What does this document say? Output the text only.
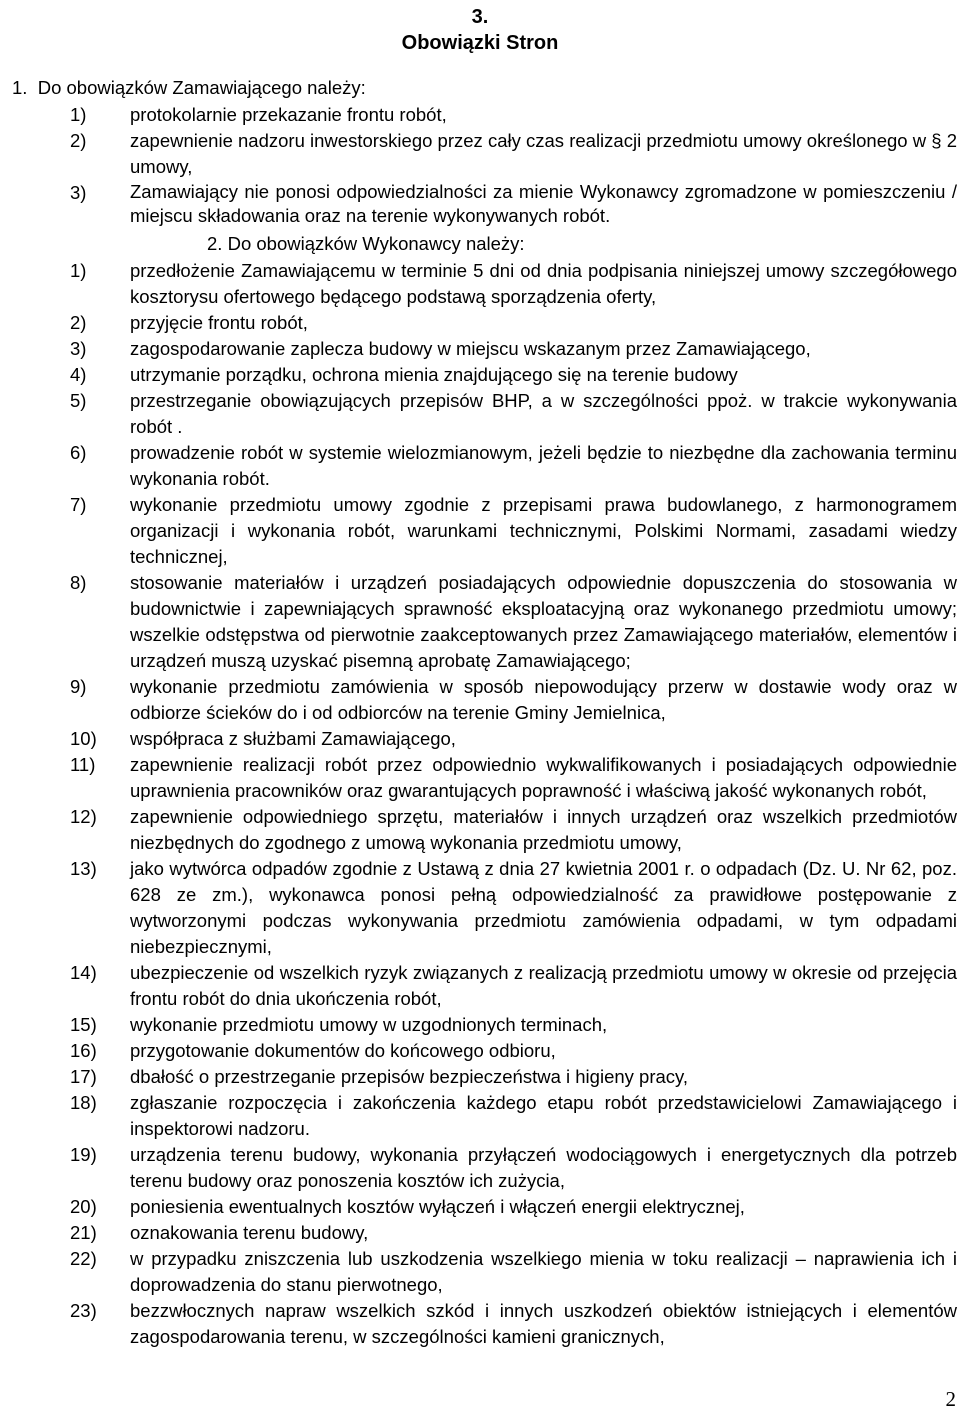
3.
Obowiązki Stron
1. Do obowiązków Zamawiającego należy:
1) protokolarnie przekazanie frontu robót,
2) zapewnienie nadzoru inwestorskiego przez cały czas realizacji przedmiotu umowy określonego w § 2 umowy,
3) Zamawiający nie ponosi odpowiedzialności za mienie Wykonawcy zgromadzone w pomieszczeniu / miejscu składowania oraz na terenie wykonywanych robót.
2. Do obowiązków Wykonawcy należy:
1) przedłożenie Zamawiającemu w terminie 5 dni od dnia podpisania niniejszej umowy szczegółowego kosztorysu ofertowego będącego podstawą sporządzenia oferty,
2) przyjęcie frontu robót,
3) zagospodarowanie zaplecza budowy w miejscu wskazanym przez Zamawiającego,
4) utrzymanie porządku, ochrona mienia znajdującego się na terenie budowy
5) przestrzeganie obowiązujących przepisów BHP, a w szczególności ppoż. w trakcie wykonywania robót .
6) prowadzenie robót w systemie wielozmianowym, jeżeli będzie to niezbędne dla zachowania terminu wykonania robót.
7) wykonanie przedmiotu umowy zgodnie z przepisami prawa budowlanego, z harmonogramem organizacji i wykonania robót, warunkami technicznymi, Polskimi Normami, zasadami wiedzy technicznej,
8) stosowanie materiałów i urządzeń posiadających odpowiednie dopuszczenia do stosowania w budownictwie i zapewniających sprawność eksploatacyjną oraz wykonanego przedmiotu umowy; wszelkie odstępstwa od pierwotnie zaakceptowanych przez Zamawiającego materiałów, elementów i urządzeń muszą uzyskać pisemną aprobatę Zamawiającego;
9) wykonanie przedmiotu zamówienia w sposób niepowodujący przerw w dostawie wody oraz w odbiorze ścieków do i od odbiorców na terenie Gminy Jemielnica,
10) współpraca z służbami Zamawiającego,
11) zapewnienie realizacji robót przez odpowiednio wykwalifikowanych i posiadających odpowiednie uprawnienia pracowników oraz gwarantujących poprawność i właściwą jakość wykonanych robót,
12) zapewnienie odpowiedniego sprzętu, materiałów i innych urządzeń oraz wszelkich przedmiotów niezbędnych do zgodnego z umową wykonania przedmiotu umowy,
13) jako wytwórca odpadów zgodnie z Ustawą z dnia 27 kwietnia 2001 r. o odpadach (Dz. U. Nr 62, poz. 628 ze zm.), wykonawca ponosi pełną odpowiedzialność za prawidłowe postępowanie z wytworzonymi podczas wykonywania przedmiotu zamówienia odpadami, w tym odpadami niebezpiecznymi,
14) ubezpieczenie od wszelkich ryzyk związanych z realizacją przedmiotu umowy w okresie od przejęcia frontu robót do dnia ukończenia robót,
15) wykonanie przedmiotu umowy w uzgodnionych terminach,
16) przygotowanie dokumentów do końcowego odbioru,
17) dbałość o przestrzeganie przepisów bezpieczeństwa i higieny pracy,
18) zgłaszanie rozpoczęcia i zakończenia każdego etapu robót przedstawicielowi Zamawiającego i inspektorowi nadzoru.
19) urządzenia terenu budowy, wykonania przyłączeń wodociągowych i energetycznych dla potrzeb terenu budowy oraz ponoszenia kosztów ich zużycia,
20) poniesienia ewentualnych kosztów wyłączeń i włączeń energii elektrycznej,
21) oznakowania terenu budowy,
22) w przypadku zniszczenia lub uszkodzenia wszelkiego mienia w toku realizacji – naprawienia ich i doprowadzenia do stanu pierwotnego,
23) bezzwłocznych napraw wszelkich szkód i innych uszkodzeń obiektów istniejących i elementów zagospodarowania terenu, w szczególności kamieni granicznych,
2
